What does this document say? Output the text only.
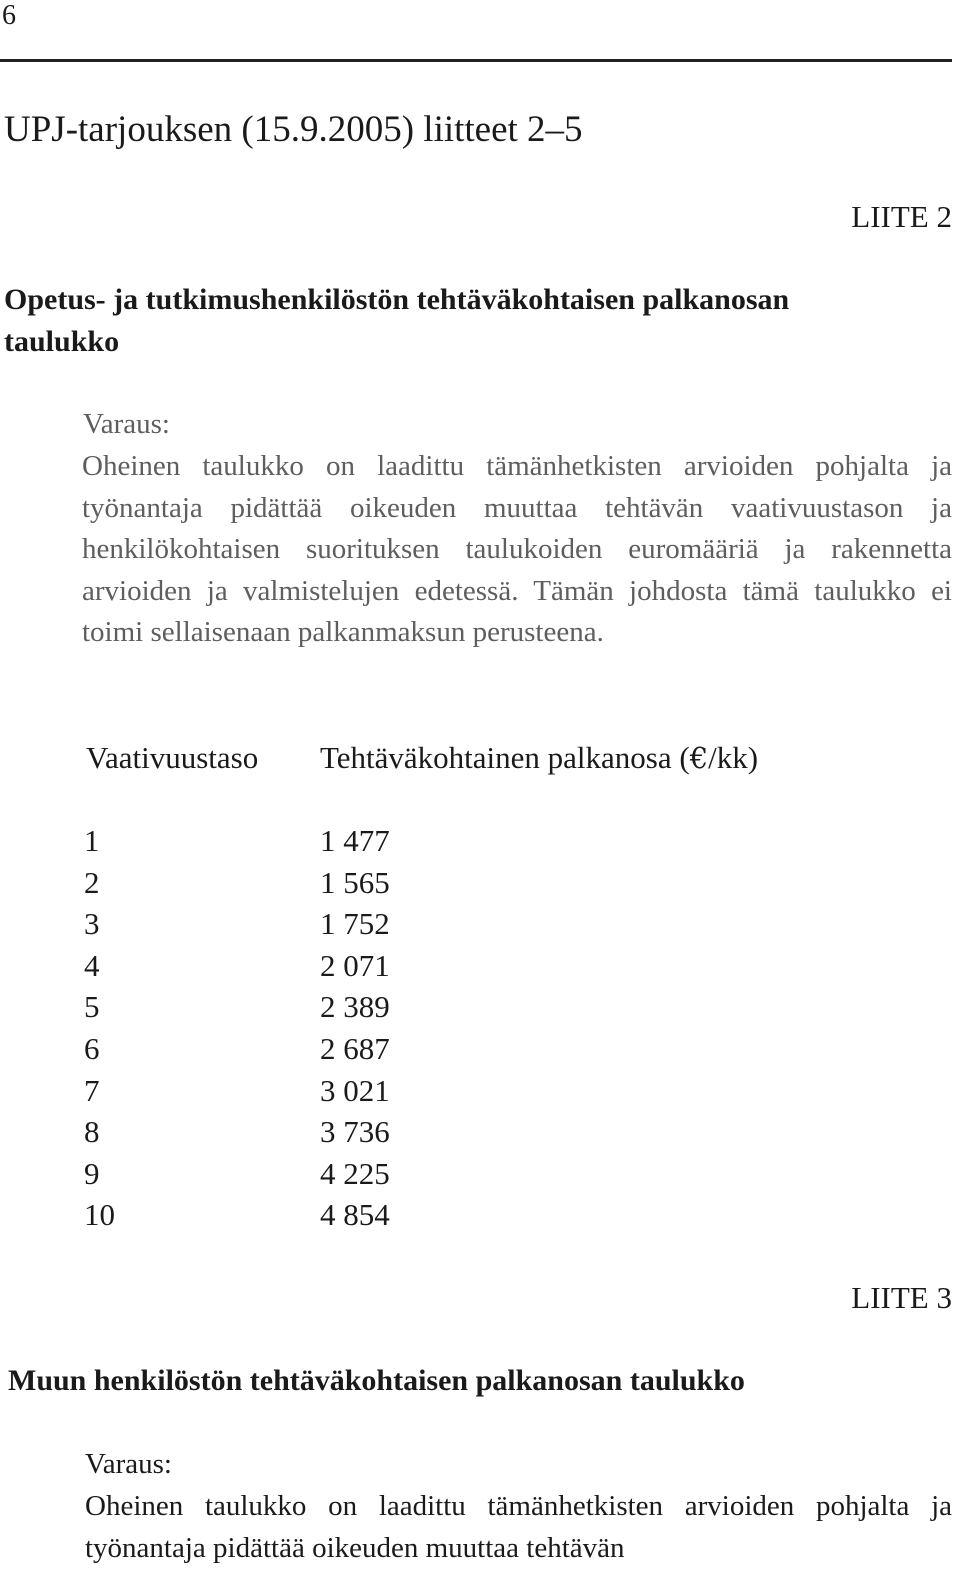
6
UPJ-tarjouksen (15.9.2005) liitteet 2–5
LIITE 2
Opetus- ja tutkimushenkilöstön tehtäväkohtaisen palkanosan
taulukko
Varaus:
Oheinen taulukko on laadittu tämänhetkisten arvioiden pohjalta ja työnantaja pidättää oikeuden muuttaa tehtävän vaativuustason ja henkilökohtaisen suorituksen taulukoiden euromääriä ja rakennetta arvioiden ja valmistelujen edetessä. Tämän johdosta tämä taulukko ei toimi sellaisenaan palkanmaksun perusteena.
Vaativuustaso Tehtäväkohtainen palkanosa (€/kk)
1	1 477
2	1 565
3	1 752
4	2 071
5	2 389
6	2 687
7	3 021
8	3 736
9	4 225
10	4 854
LIITE 3
Muun henkilöstön tehtäväkohtaisen palkanosan taulukko
Varaus:
Oheinen taulukko on laadittu tämänhetkisten arvioiden pohjalta ja työnantaja pidättää oikeuden muuttaa tehtävän
